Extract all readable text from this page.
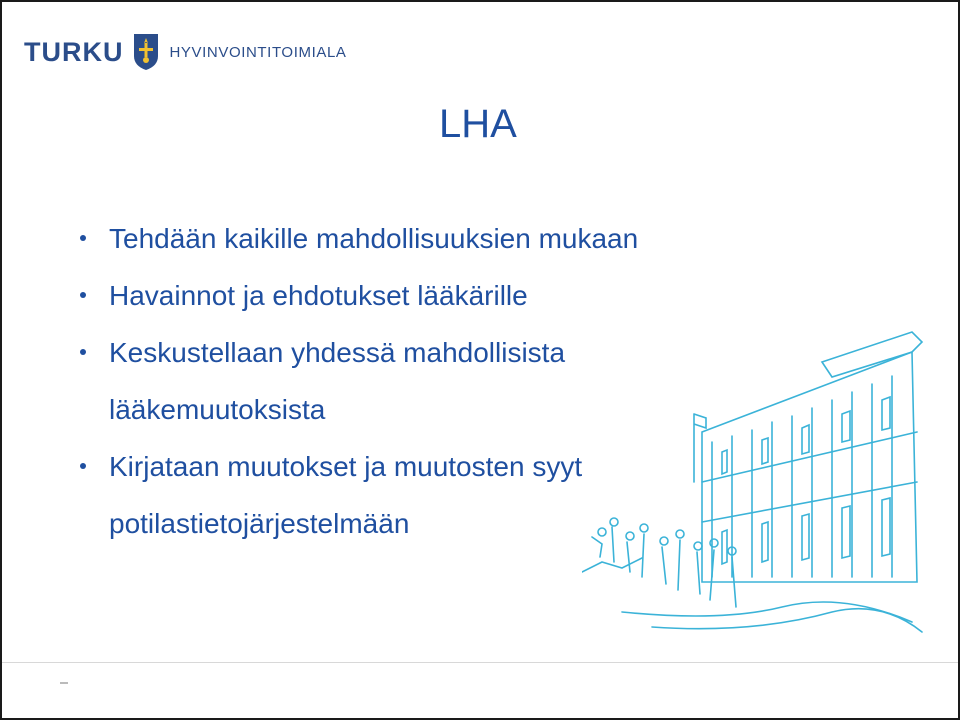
TURKU	HYVINVOINTITOIMIALA
LHA
Tehdään kaikille mahdollisuuksien mukaan
Havainnot ja ehdotukset lääkärille
Keskustellaan yhdessä mahdollisista lääkemuutoksista
Kirjataan muutokset ja muutosten syyt potilastietojärjestelmään
